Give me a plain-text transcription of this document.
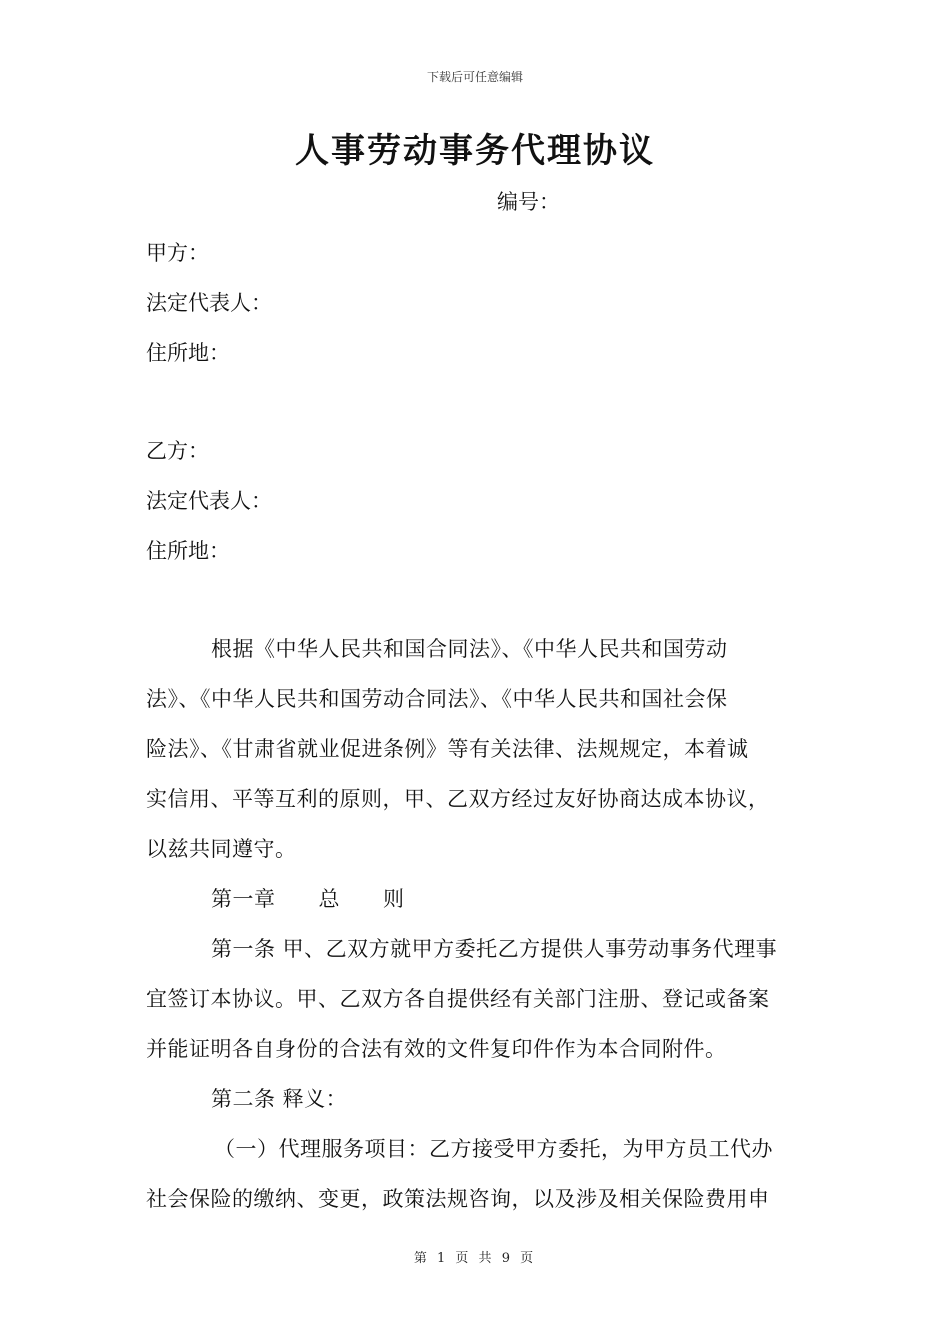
下载后可任意编辑
人事劳动事务代理协议
编号：
甲方：
法定代表人：
住所地：
乙方：
法定代表人：
住所地：
根据《中华人民共和国合同法》、《中华人民共和国劳动
法》、《中华人民共和国劳动合同法》、《中华人民共和国社会保
险法》、《甘肃省就业促进条例》等有关法律、法规规定，本着诚
实信用、平等互利的原则，甲、乙双方经过友好协商达成本协议，
以兹共同遵守。
第一章　　总　　则
第一条 甲、乙双方就甲方委托乙方提供人事劳动事务代理事
宜签订本协议。甲、乙双方各自提供经有关部门注册、登记或备案
并能证明各自身份的合法有效的文件复印件作为本合同附件。
第二条 释义：
（一）代理服务项目：乙方接受甲方委托，为甲方员工代办
社会保险的缴纳、变更，政策法规咨询，以及涉及相关保险费用申
第 1 页 共 9 页
